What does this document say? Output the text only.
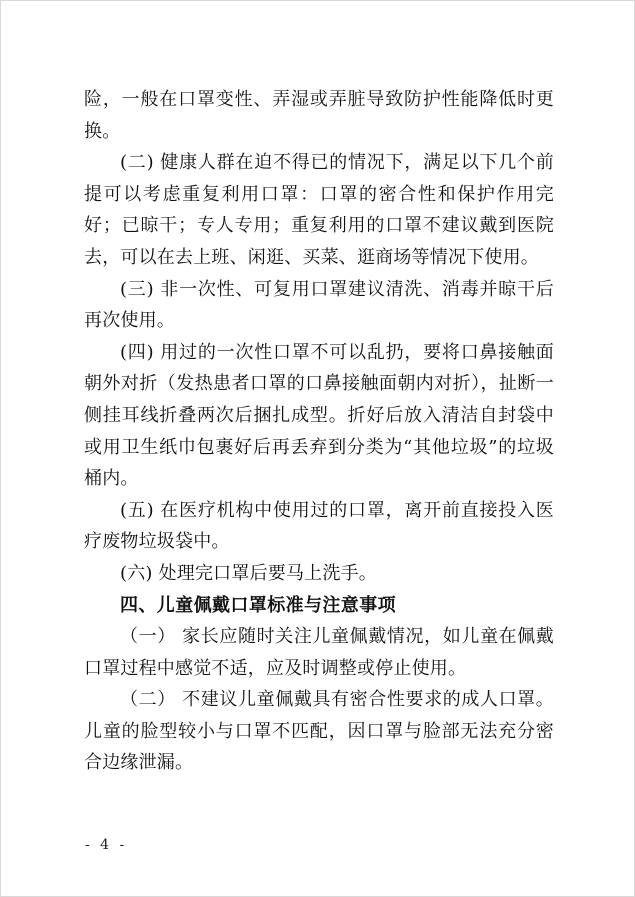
险，一般在口罩变性、弄湿或弄脏导致防护性能降低时更换。

(二) 健康人群在迫不得已的情况下，满足以下几个前提可以考虑重复利用口罩：口罩的密合性和保护作用完好；已晾干；专人专用；重复利用的口罩不建议戴到医院去，可以在去上班、闲逛、买菜、逛商场等情况下使用。

(三) 非一次性、可复用口罩建议清洗、消毒并晾干后再次使用。

(四) 用过的一次性口罩不可以乱扔，要将口鼻接触面朝外对折（发热患者口罩的口鼻接触面朝内对折），扯断一侧挂耳线折叠两次后捆扎成型。折好后放入清洁自封袋中或用卫生纸巾包裹好后再丢弃到分类为“其他垃圾”的垃圾桶内。

(五) 在医疗机构中使用过的口罩，离开前直接投入医疗废物垃圾袋中。

(六) 处理完口罩后要马上洗手。

四、儿童佩戴口罩标准与注意事项

（一） 家长应随时关注儿童佩戴情况，如儿童在佩戴口罩过程中感觉不适，应及时调整或停止使用。

（二） 不建议儿童佩戴具有密合性要求的成人口罩。儿童的脸型较小与口罩不匹配，因口罩与脸部无法充分密合边缘泄漏。

- 4 -
